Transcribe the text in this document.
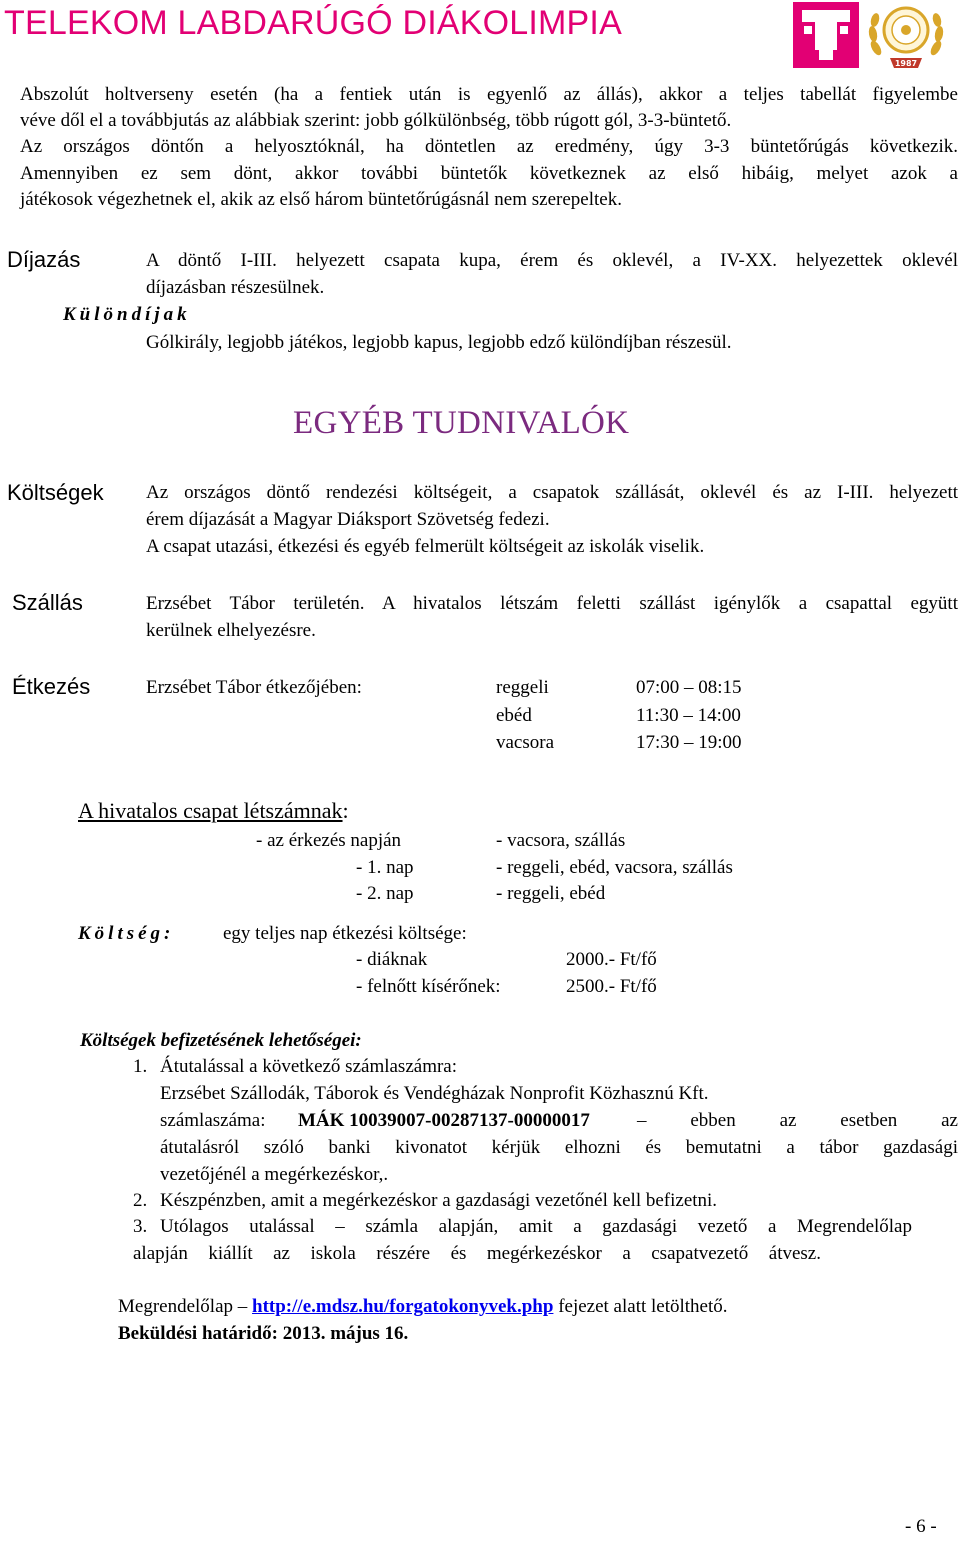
TELEKOM LABDARÚGÓ DIÁKOLIMPIA
1987
Abszolút holtverseny esetén (ha a fentiek után is egyenlő az állás), akkor a teljes tabellát figyelembe
véve dől el a továbbjutás az alábbiak szerint: jobb gólkülönbség, több rúgott gól, 3-3-büntető.
Az országos döntőn a helyosztóknál, ha döntetlen az eredmény, úgy 3-3 büntetőrúgás következik.
Amennyiben ez sem dönt, akkor további büntetők következnek az első hibáig, melyet azok a
játékosok végezhetnek el, akik az első három büntetőrúgásnál nem szerepeltek.
Díjazás	A döntő I-III. helyezett csapata kupa, érem és oklevél, a IV-XX. helyezettek oklevél
díjazásban részesülnek.
Különdíjak
Gólkirály, legjobb játékos, legjobb kapus, legjobb edző különdíjban részesül.
EGYÉB TUDNIVALÓK
Költségek Az országos döntő rendezési költségeit, a csapatok szállását, oklevél és az I-III. helyezett
érem díjazását a Magyar Diáksport Szövetség fedezi.
A csapat utazási, étkezési és egyéb felmerült költségeit az iskolák viselik.
Szállás	Erzsébet Tábor területén. A hivatalos létszám feletti szállást igénylők a csapattal együtt
kerülnek elhelyezésre.
Étkezés	Erzsébet Tábor étkezőjében:	reggeli	07:00 – 08:15
ebéd	11:30 – 14:00
vacsora	17:30 – 19:00
A hivatalos csapat létszámnak:
- az érkezés napján	- vacsora, szállás
- 1. nap	- reggeli, ebéd, vacsora, szállás
- 2. nap	- reggeli, ebéd
Költség:	egy teljes nap étkezési költsége:
- diáknak	2000.- Ft/fő
- felnőtt kísérőnek:	2500.- Ft/fő
Költségek befizetésének lehetőségei:
1. Átutalással a következő számlaszámra:
Erzsébet Szállodák, Táborok és Vendégházak Nonprofit Közhasznú Kft.
számlaszáma: MÁK 10039007-00287137-00000017 – ebben az esetben az
átutalásról szóló banki kivonatot kérjük elhozni és bemutatni a tábor gazdasági
vezetőjénél a megérkezéskor,.
2. Készpénzben, amit a megérkezéskor a gazdasági vezetőnél kell befizetni.
3. Utólagos utalással – számla alapján, amit a gazdasági vezető a Megrendelőlap
alapján kiállít az iskola részére és megérkezéskor a csapatvezető átvesz.
Megrendelőlap – http://e.mdsz.hu/forgatokonyvek.php fejezet alatt letölthető.
Beküldési határidő: 2013. május 16.
- 6 -
